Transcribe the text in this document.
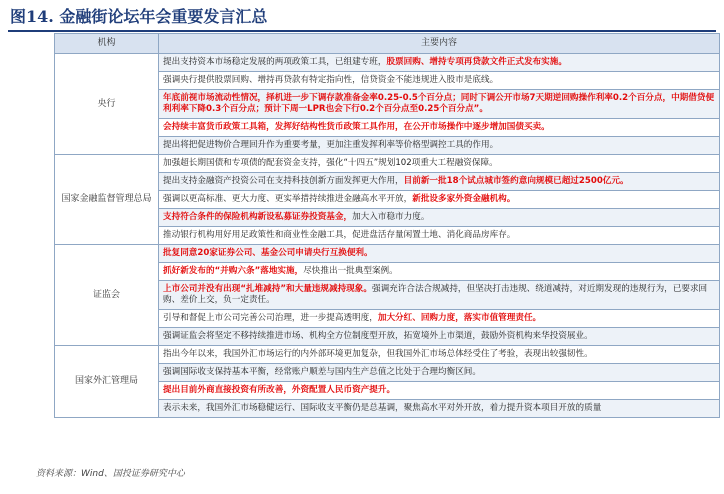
图14. 金融街论坛年会重要发言汇总
机构	主要内容
央行	提出支持资本市场稳定发展的两项政策工具，已组建专班，股票回购、增持专项再贷款文件正式发布实施。
	强调央行提供股票回购、增持再贷款有特定指向性，信贷资金不能违规进入股市是底线。
	年底前视市场流动性情况，择机进一步下调存款准备金率0.25-0.5个百分点；同时下调公开市场7天期逆回购操作利率0.2个百分点，中期借贷便利利率下降0.3个百分点；预计下周一LPR也会下行0.2个百分点至0.25个百分点”。
	会持续丰富货币政策工具箱，发挥好结构性货币政策工具作用，在公开市场操作中逐步增加国债买卖。
	提出将把促进物价合理回升作为重要考量，更加注重发挥利率等价格型调控工具的作用。
国家金融监督管理总局	加强超长期国债和专项债的配套资金支持，强化“十四五”规划102项重大工程融资保障。
	提出支持金融资产投资公司在支持科技创新方面发挥更大作用，目前新一批18个试点城市签约意向规模已超过2500亿元。
	强调以更高标准、更大力度、更实举措持续推进金融高水平开放，新批设多家外资金融机构。
	支持符合条件的保险机构新设私募证券投资基金，加大入市稳市力度。
	推动银行机构用好用足政策性和商业性金融工具，促进盘活存量闲置土地、消化商品房库存。
证监会	批复同意20家证券公司、基金公司申请央行互换便利。
	抓好新发布的“并购六条”落地实施，尽快推出一批典型案例。
	上市公司并没有出现“扎堆减持”和大量违规减持现象。强调充许合法合规减持，但坚决打击违规、绕道减持，对近期发现的违规行为，已要求回购、差价上交，负一定责任。
	引导和督促上市公司完善公司治理，进一步提高透明度，加大分红、回购力度，落实市值管理责任。
	强调证监会将坚定不移持续推进市场、机构全方位制度型开放，拓宽境外上市渠道，鼓励外资机构来华投资展业。
国家外汇管理局	指出今年以来，我国外汇市场运行的内外部环境更加复杂，但我国外汇市场总体经受住了考验，表现出较强韧性。
	强调国际收支保持基本平衡，经常账户顺差与国内生产总值之比处于合理均衡区间。
	提出目前外商直接投资有所改善，外资配置人民币资产提升。
	表示未来，我国外汇市场稳健运行、国际收支平衡仍是总基调，聚焦高水平对外开放，着力提升资本项目开放的质量
资料来源：Wind、国投证券研究中心
